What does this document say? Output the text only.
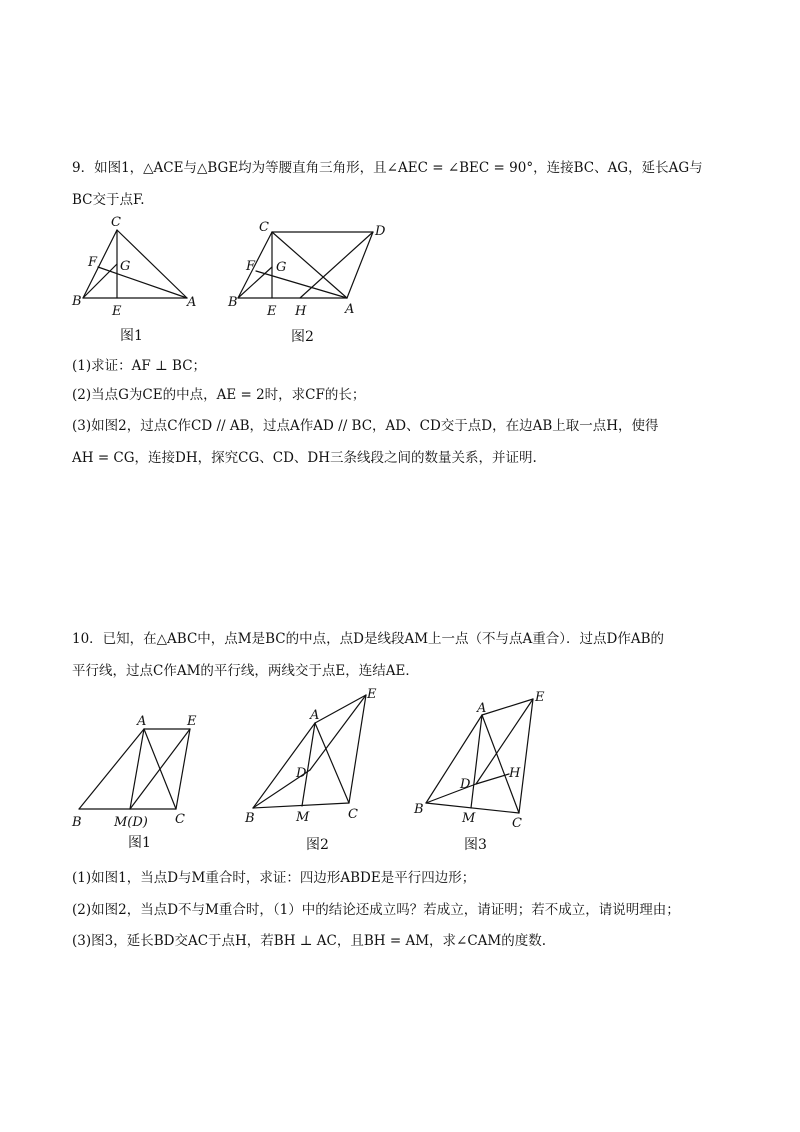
9．如图1，△ACE与△BGE均为等腰直角三角形，且∠AEC = ∠BEC = 90°，连接BC、AG，延长AG与
BC交于点F.
C
F G
B
E
A
图1
C	D
F G
B
E H	A
图2
(1)求证：AF ⊥ BC；
(2)当点G为CE的中点，AE = 2时，求CF的长；
(3)如图2，过点C作CD // AB，过点A作AD // BC，AD、CD交于点D，在边AB上取一点H，使得
AH = CG，连接DH，探究CG、CD、DH三条线段之间的数量关系，并证明.
10．已知，在△ABC中，点M是BC的中点，点D是线段AM上一点（不与点A重合）．过点D作AB的
平行线，过点C作AM的平行线，两线交于点E，连结AE．
A	E
B M(D) C
图1
A
E
D
B	M	C
图2
A
E
H
D
B
M	C
图3
(1)如图1，当点D与M重合时，求证：四边形ABDE是平行四边形；
(2)如图2，当点D不与M重合时，（1）中的结论还成立吗？若成立，请证明；若不成立，请说明理由；
(3)图3，延长BD交AC于点H，若BH ⊥ AC，且BH = AM，求∠CAM的度数.
